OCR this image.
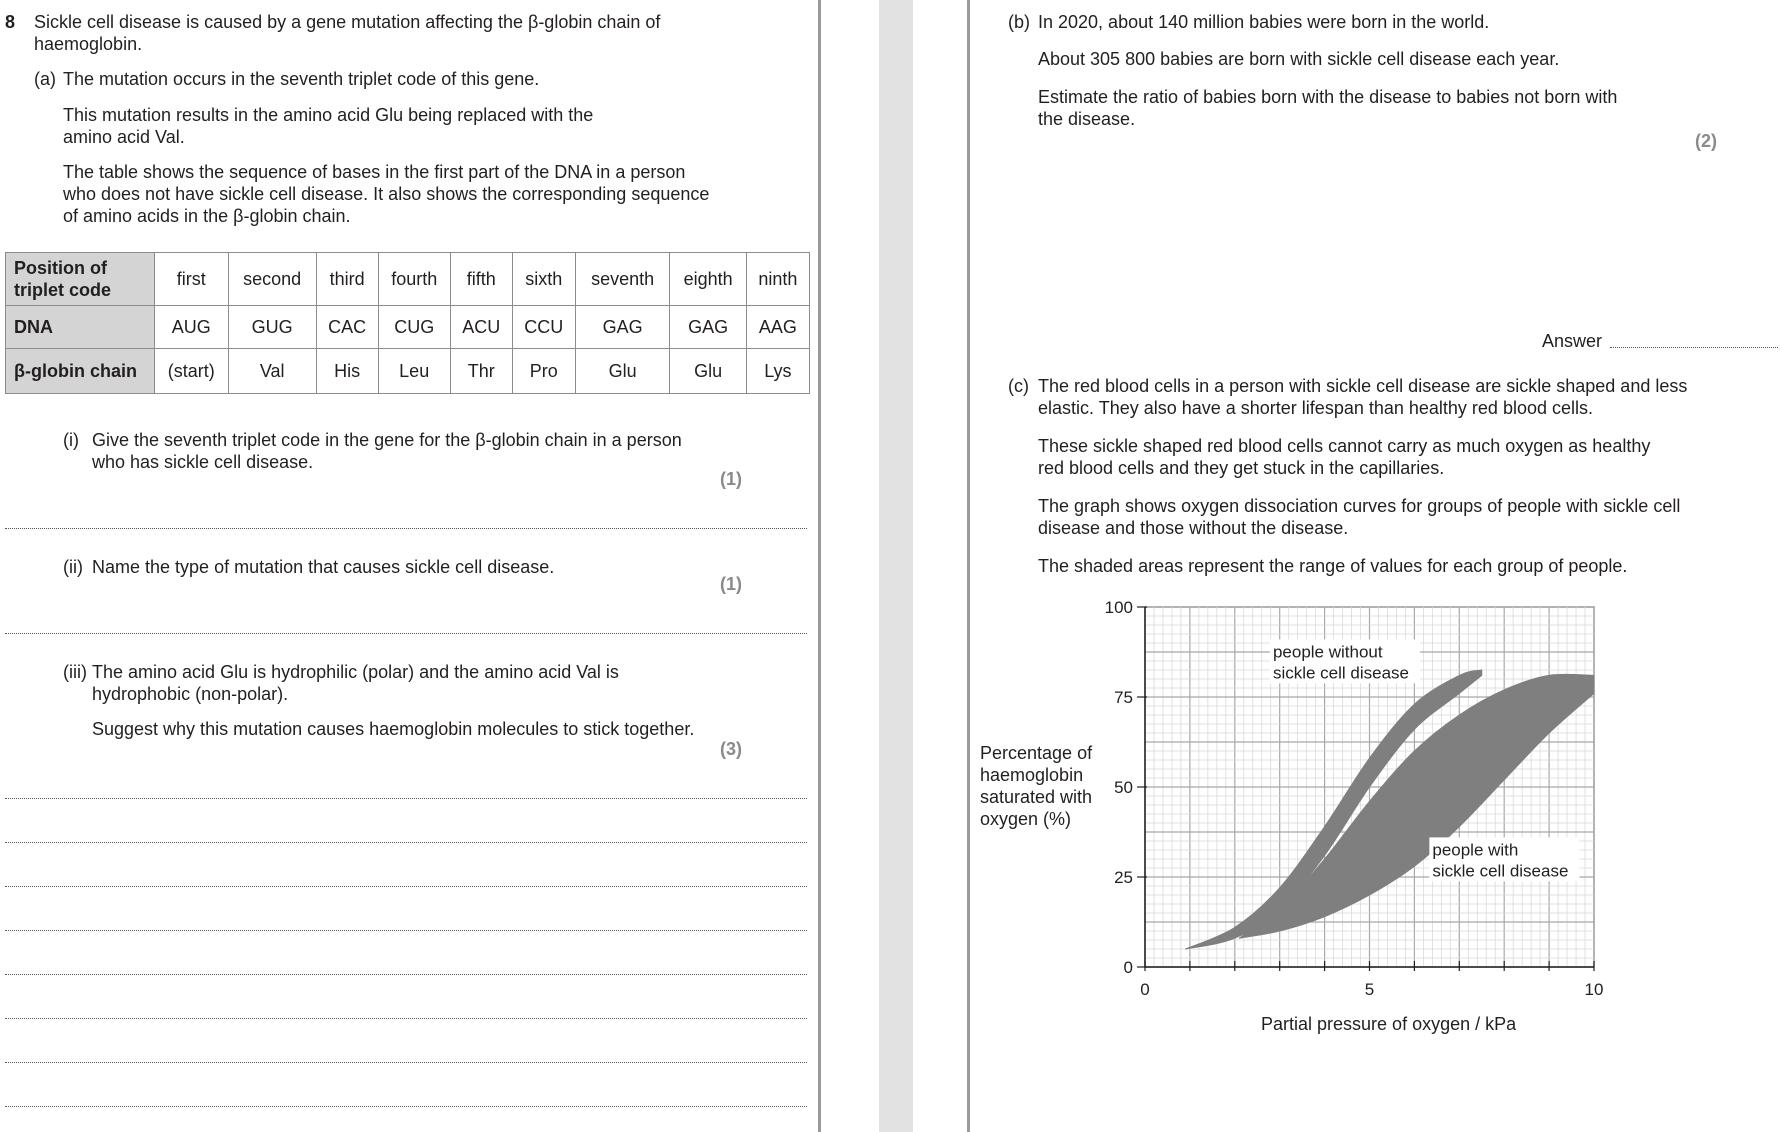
8 Sickle cell disease is caused by a gene mutation affecting the β-globin chain of
haemoglobin.
(a) The mutation occurs in the seventh triplet code of this gene.
This mutation results in the amino acid Glu being replaced with the
amino acid Val.
The table shows the sequence of bases in the first part of the DNA in a person
who does not have sickle cell disease. It also shows the corresponding sequence
of amino acids in the β-globin chain.
Position of
triplet code	first	second	third	fourth	fifth	sixth	seventh	eighth	ninth
DNA	AUG	GUG	CAC	CUG	ACU	CCU	GAG	GAG	AAG
β-globin chain	(start)	Val	His	Leu	Thr	Pro	Glu	Glu	Lys
(i) Give the seventh triplet code in the gene for the β-globin chain in a person
who has sickle cell disease.
(1)
(ii) Name the type of mutation that causes sickle cell disease.
(1)
(iii) The amino acid Glu is hydrophilic (polar) and the amino acid Val is
hydrophobic (non-polar).
Suggest why this mutation causes haemoglobin molecules to stick together.
(3)
(b) In 2020, about 140 million babies were born in the world.
About 305 800 babies are born with sickle cell disease each year.
Estimate the ratio of babies born with the disease to babies not born with
the disease.
(2)
Answer
(c) The red blood cells in a person with sickle cell disease are sickle shaped and less
elastic. They also have a shorter lifespan than healthy red blood cells.
These sickle shaped red blood cells cannot carry as much oxygen as healthy
red blood cells and they get stuck in the capillaries.
The graph shows oxygen dissociation curves for groups of people with sickle cell
disease and those without the disease.
The shaded areas represent the range of values for each group of people.
Percentage of
haemoglobin
saturated with
oxygen (%)
0	5	10
0
25
50
75
100
people without
sickle cell disease
people with
sickle cell disease
Partial pressure of oxygen / kPa
